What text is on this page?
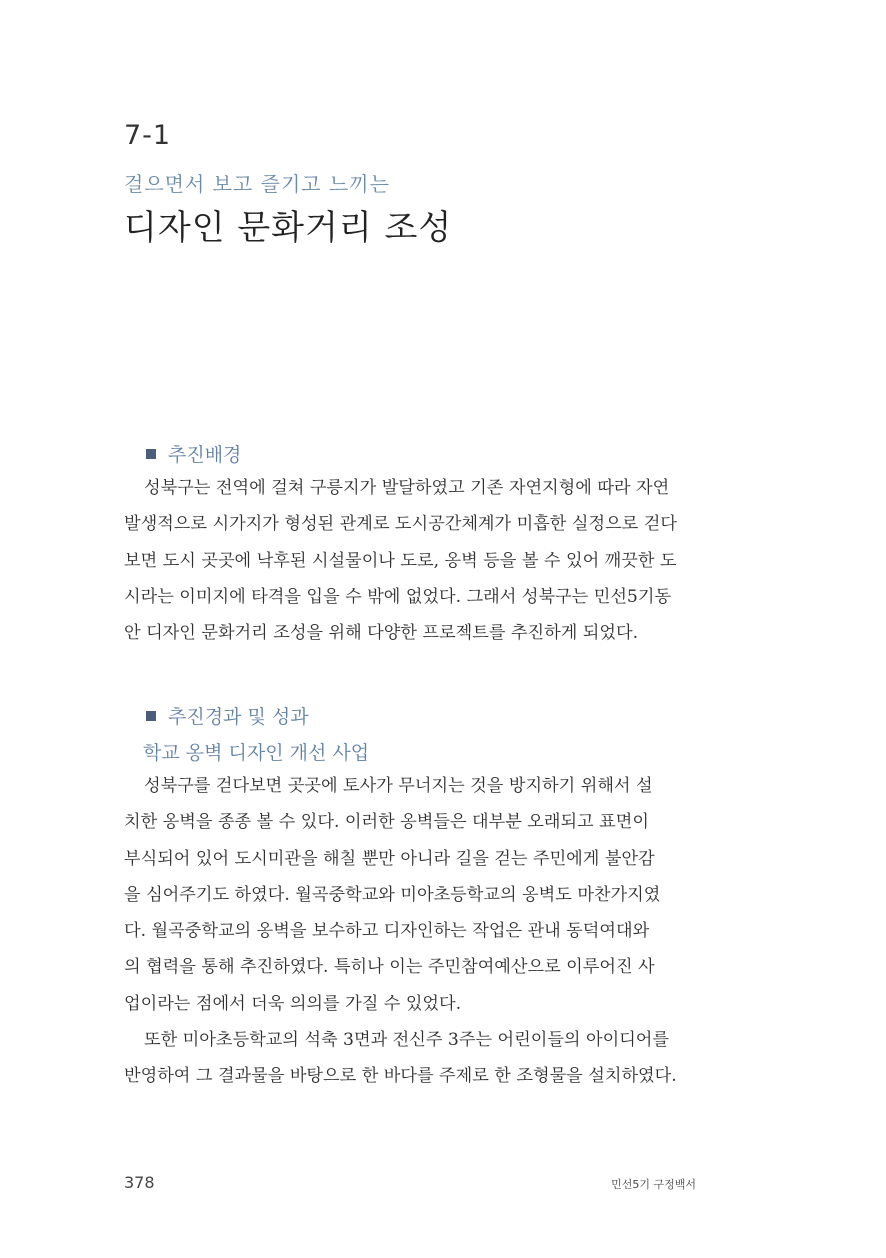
7-1
걸으면서 보고 즐기고 느끼는
디자인 문화거리 조성
추진배경
성북구는 전역에 걸쳐 구릉지가 발달하였고 기존 자연지형에 따라 자연
발생적으로 시가지가 형성된 관계로 도시공간체계가 미흡한 실정으로 걷다
보면 도시 곳곳에 낙후된 시설물이나 도로, 옹벽 등을 볼 수 있어 깨끗한 도
시라는 이미지에 타격을 입을 수 밖에 없었다. 그래서 성북구는 민선5기동
안 디자인 문화거리 조성을 위해 다양한 프로젝트를 추진하게 되었다.
추진경과 및 성과
학교 옹벽 디자인 개선 사업
성북구를 걷다보면 곳곳에 토사가 무너지는 것을 방지하기 위해서 설
치한 옹벽을 종종 볼 수 있다. 이러한 옹벽들은 대부분 오래되고 표면이
부식되어 있어 도시미관을 해칠 뿐만 아니라 길을 걷는 주민에게 불안감
을 심어주기도 하였다. 월곡중학교와 미아초등학교의 옹벽도 마찬가지였
다. 월곡중학교의 옹벽을 보수하고 디자인하는 작업은 관내 동덕여대와
의 협력을 통해 추진하였다. 특히나 이는 주민참여예산으로 이루어진 사
업이라는 점에서 더욱 의의를 가질 수 있었다.
또한 미아초등학교의 석축 3면과 전신주 3주는 어린이들의 아이디어를
반영하여 그 결과물을 바탕으로 한 바다를 주제로 한 조형물을 설치하였다.
378	민선5기 구정백서
